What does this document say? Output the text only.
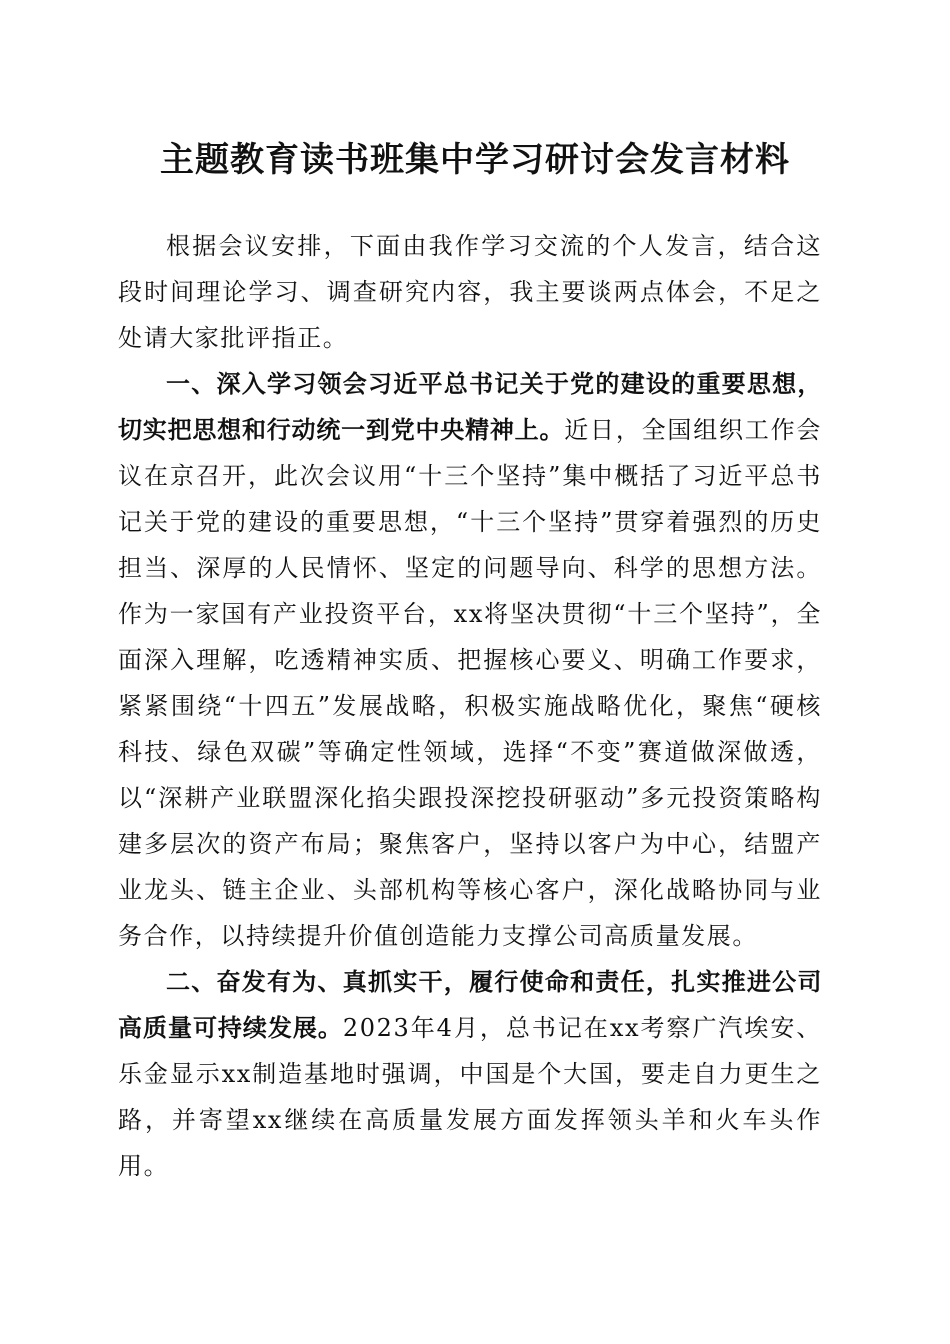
主题教育读书班集中学习研讨会发言材料

根据会议安排，下面由我作学习交流的个人发言，结合这段时间理论学习、调查研究内容，我主要谈两点体会，不足之处请大家批评指正。

一、深入学习领会习近平总书记关于党的建设的重要思想，切实把思想和行动统一到党中央精神上。近日，全国组织工作会议在京召开，此次会议用“十三个坚持”集中概括了习近平总书记关于党的建设的重要思想，“十三个坚持”贯穿着强烈的历史担当、深厚的人民情怀、坚定的问题导向、科学的思想方法。作为一家国有产业投资平台，xx将坚决贯彻“十三个坚持”，全面深入理解，吃透精神实质、把握核心要义、明确工作要求，紧紧围绕“十四五”发展战略，积极实施战略优化，聚焦“硬核科技、绿色双碳”等确定性领域，选择“不变”赛道做深做透，以“深耕产业联盟深化掐尖跟投深挖投研驱动”多元投资策略构建多层次的资产布局；聚焦客户，坚持以客户为中心，结盟产业龙头、链主企业、头部机构等核心客户，深化战略协同与业务合作，以持续提升价值创造能力支撑公司高质量发展。

二、奋发有为、真抓实干，履行使命和责任，扎实推进公司高质量可持续发展。2023年4月，总书记在xx考察广汽埃安、乐金显示xx制造基地时强调，中国是个大国，要走自力更生之路，并寄望xx继续在高质量发展方面发挥领头羊和火车头作用。
